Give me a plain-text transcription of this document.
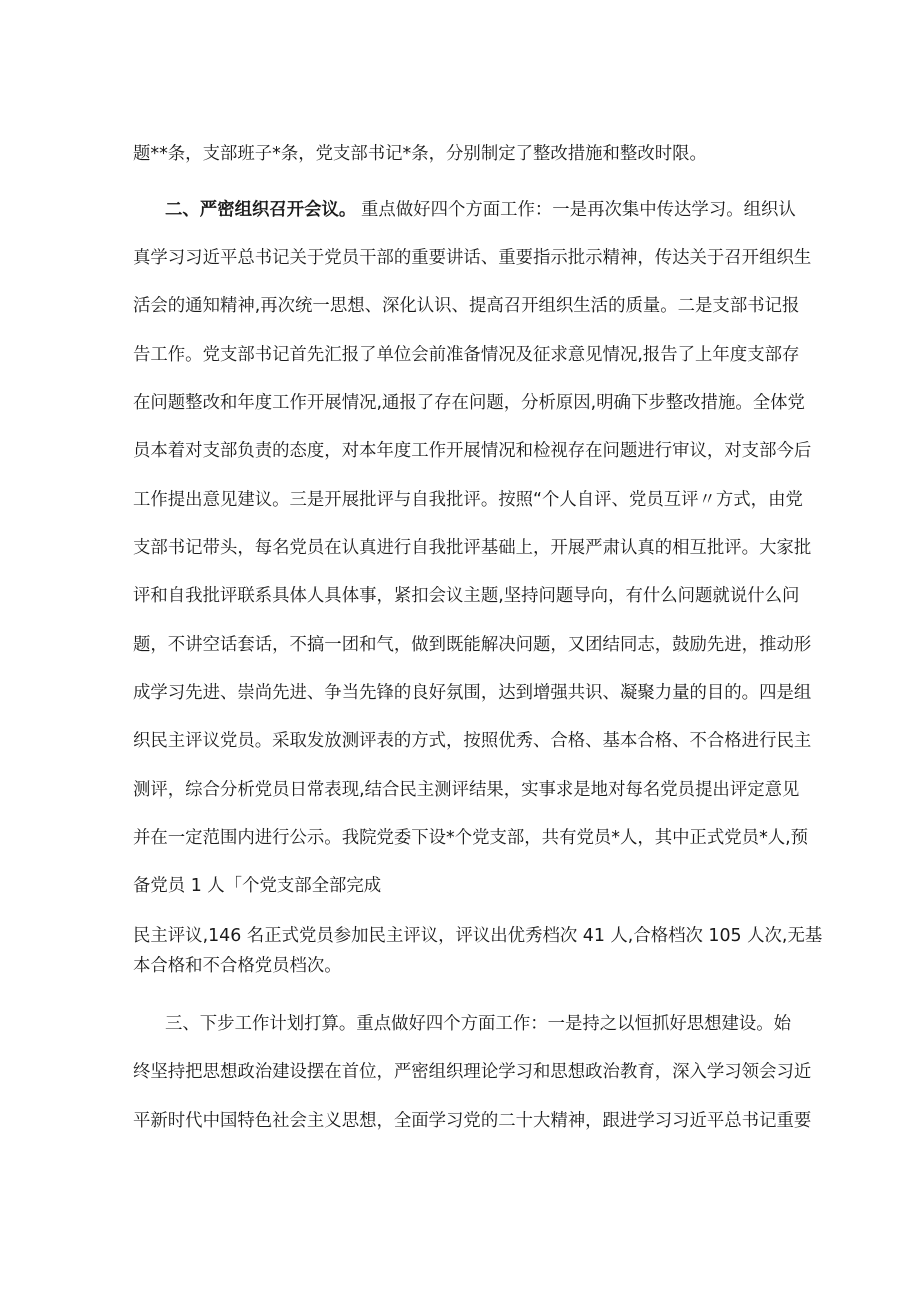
题**条，支部班子*条，党支部书记*条，分别制定了整改措施和整改时限。
二、严密组织召开会议。 重点做好四个方面工作：一是再次集中传达学习。组织认
真学习习近平总书记关于党员干部的重要讲话、重要指示批示精神，传达关于召开组织生
活会的通知精神,再次统一思想、深化认识、提高召开组织生活的质量。二是支部书记报
告工作。党支部书记首先汇报了单位会前准备情况及征求意见情况,报告了上年度支部存
在问题整改和年度工作开展情况,通报了存在问题，分析原因,明确下步整改措施。全体党
员本着对支部负责的态度，对本年度工作开展情况和检视存在问题进行审议，对支部今后
工作提出意见建议。三是开展批评与自我批评。按照“个人自评、党员互评〃方式，由党
支部书记带头，每名党员在认真进行自我批评基础上，开展严肃认真的相互批评。大家批
评和自我批评联系具体人具体事，紧扣会议主题,坚持问题导向，有什么问题就说什么问
题，不讲空话套话，不搞一团和气，做到既能解决问题，又团结同志，鼓励先进，推动形
成学习先进、崇尚先进、争当先锋的良好氛围，达到增强共识、凝聚力量的目的。四是组
织民主评议党员。采取发放测评表的方式，按照优秀、合格、基本合格、不合格进行民主
测评，综合分析党员日常表现,结合民主测评结果，实事求是地对每名党员提出评定意见
并在一定范围内进行公示。我院党委下设*个党支部，共有党员*人，其中正式党员*人,预
备党员 1 人「个党支部全部完成
民主评议,146 名正式党员参加民主评议，评议出优秀档次 41 人,合格档次 105 人次,无基
本合格和不合格党员档次。
三、下步工作计划打算。重点做好四个方面工作：一是持之以恒抓好思想建设。始
终坚持把思想政治建设摆在首位，严密组织理论学习和思想政治教育，深入学习领会习近
平新时代中国特色社会主义思想，全面学习党的二十大精神，跟进学习习近平总书记重要
